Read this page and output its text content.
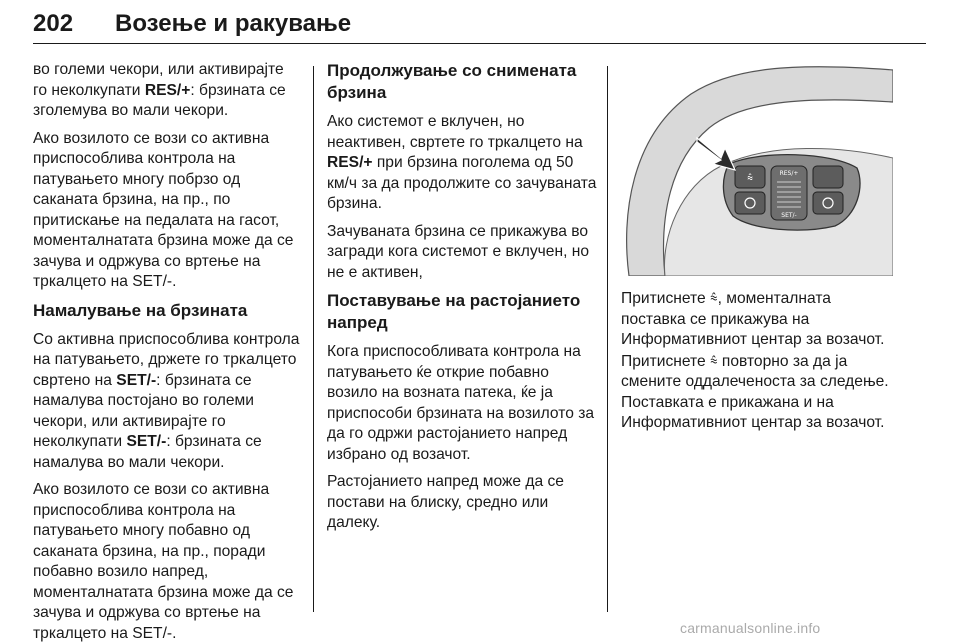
202 Возење и ракување

во големи чекори, или активирајте го неколкупати RES/+: брзината се зголемува во мали чекори.

Ако возилото се вози со активна приспособлива контрола на патувањето многу побрзо од саканата брзина, на пр., по притискање на педалата на гасот, моменталнатата брзина може да се зачува и одржува со вртење на тркалцето на SET/-.

Намалување на брзината

Со активна приспособлива контрола на патувањето, држете го тркалцето свртено на SET/-: брзината се намалува постојано во големи чекори, или активирајте го неколкупати SET/-: брзината се намалува во мали чекори.

Ако возилото се вози со активна приспособлива контрола на патувањето многу побавно од саканата брзина, на пр., поради побавно возило напред, моменталнатата брзина може да се зачува и одржува со вртење на тркалцето на SET/-.

Продолжување со снимената брзина

Ако системот е вклучен, но неактивен, свртете го тркалцето на RES/+ при брзина поголема од 50 км/ч за да продолжите со зачуваната брзина.

Зачуваната брзина се прикажува во загради кога системот е вклучен, но не е активен,

Поставување на растојанието напред

Кога приспособливата контрола на патувањето ќе открие побавно возило на возната патека, ќе ја приспособи брзината на возилото за да го одржи растојанието напред избрано од возачот.

Растојанието напред може да се постави на блиску, средно или далеку.

⩯	RES/+
SET/-

Притиснете ⩯, моменталната поставка се прикажува на Информативниот центар за возачот. Притиснете ⩯ повторно за да ја смените оддалеченоста за следење. Поставката е прикажана и на Информативниот центар за возачот.

carmanualsonline.info
